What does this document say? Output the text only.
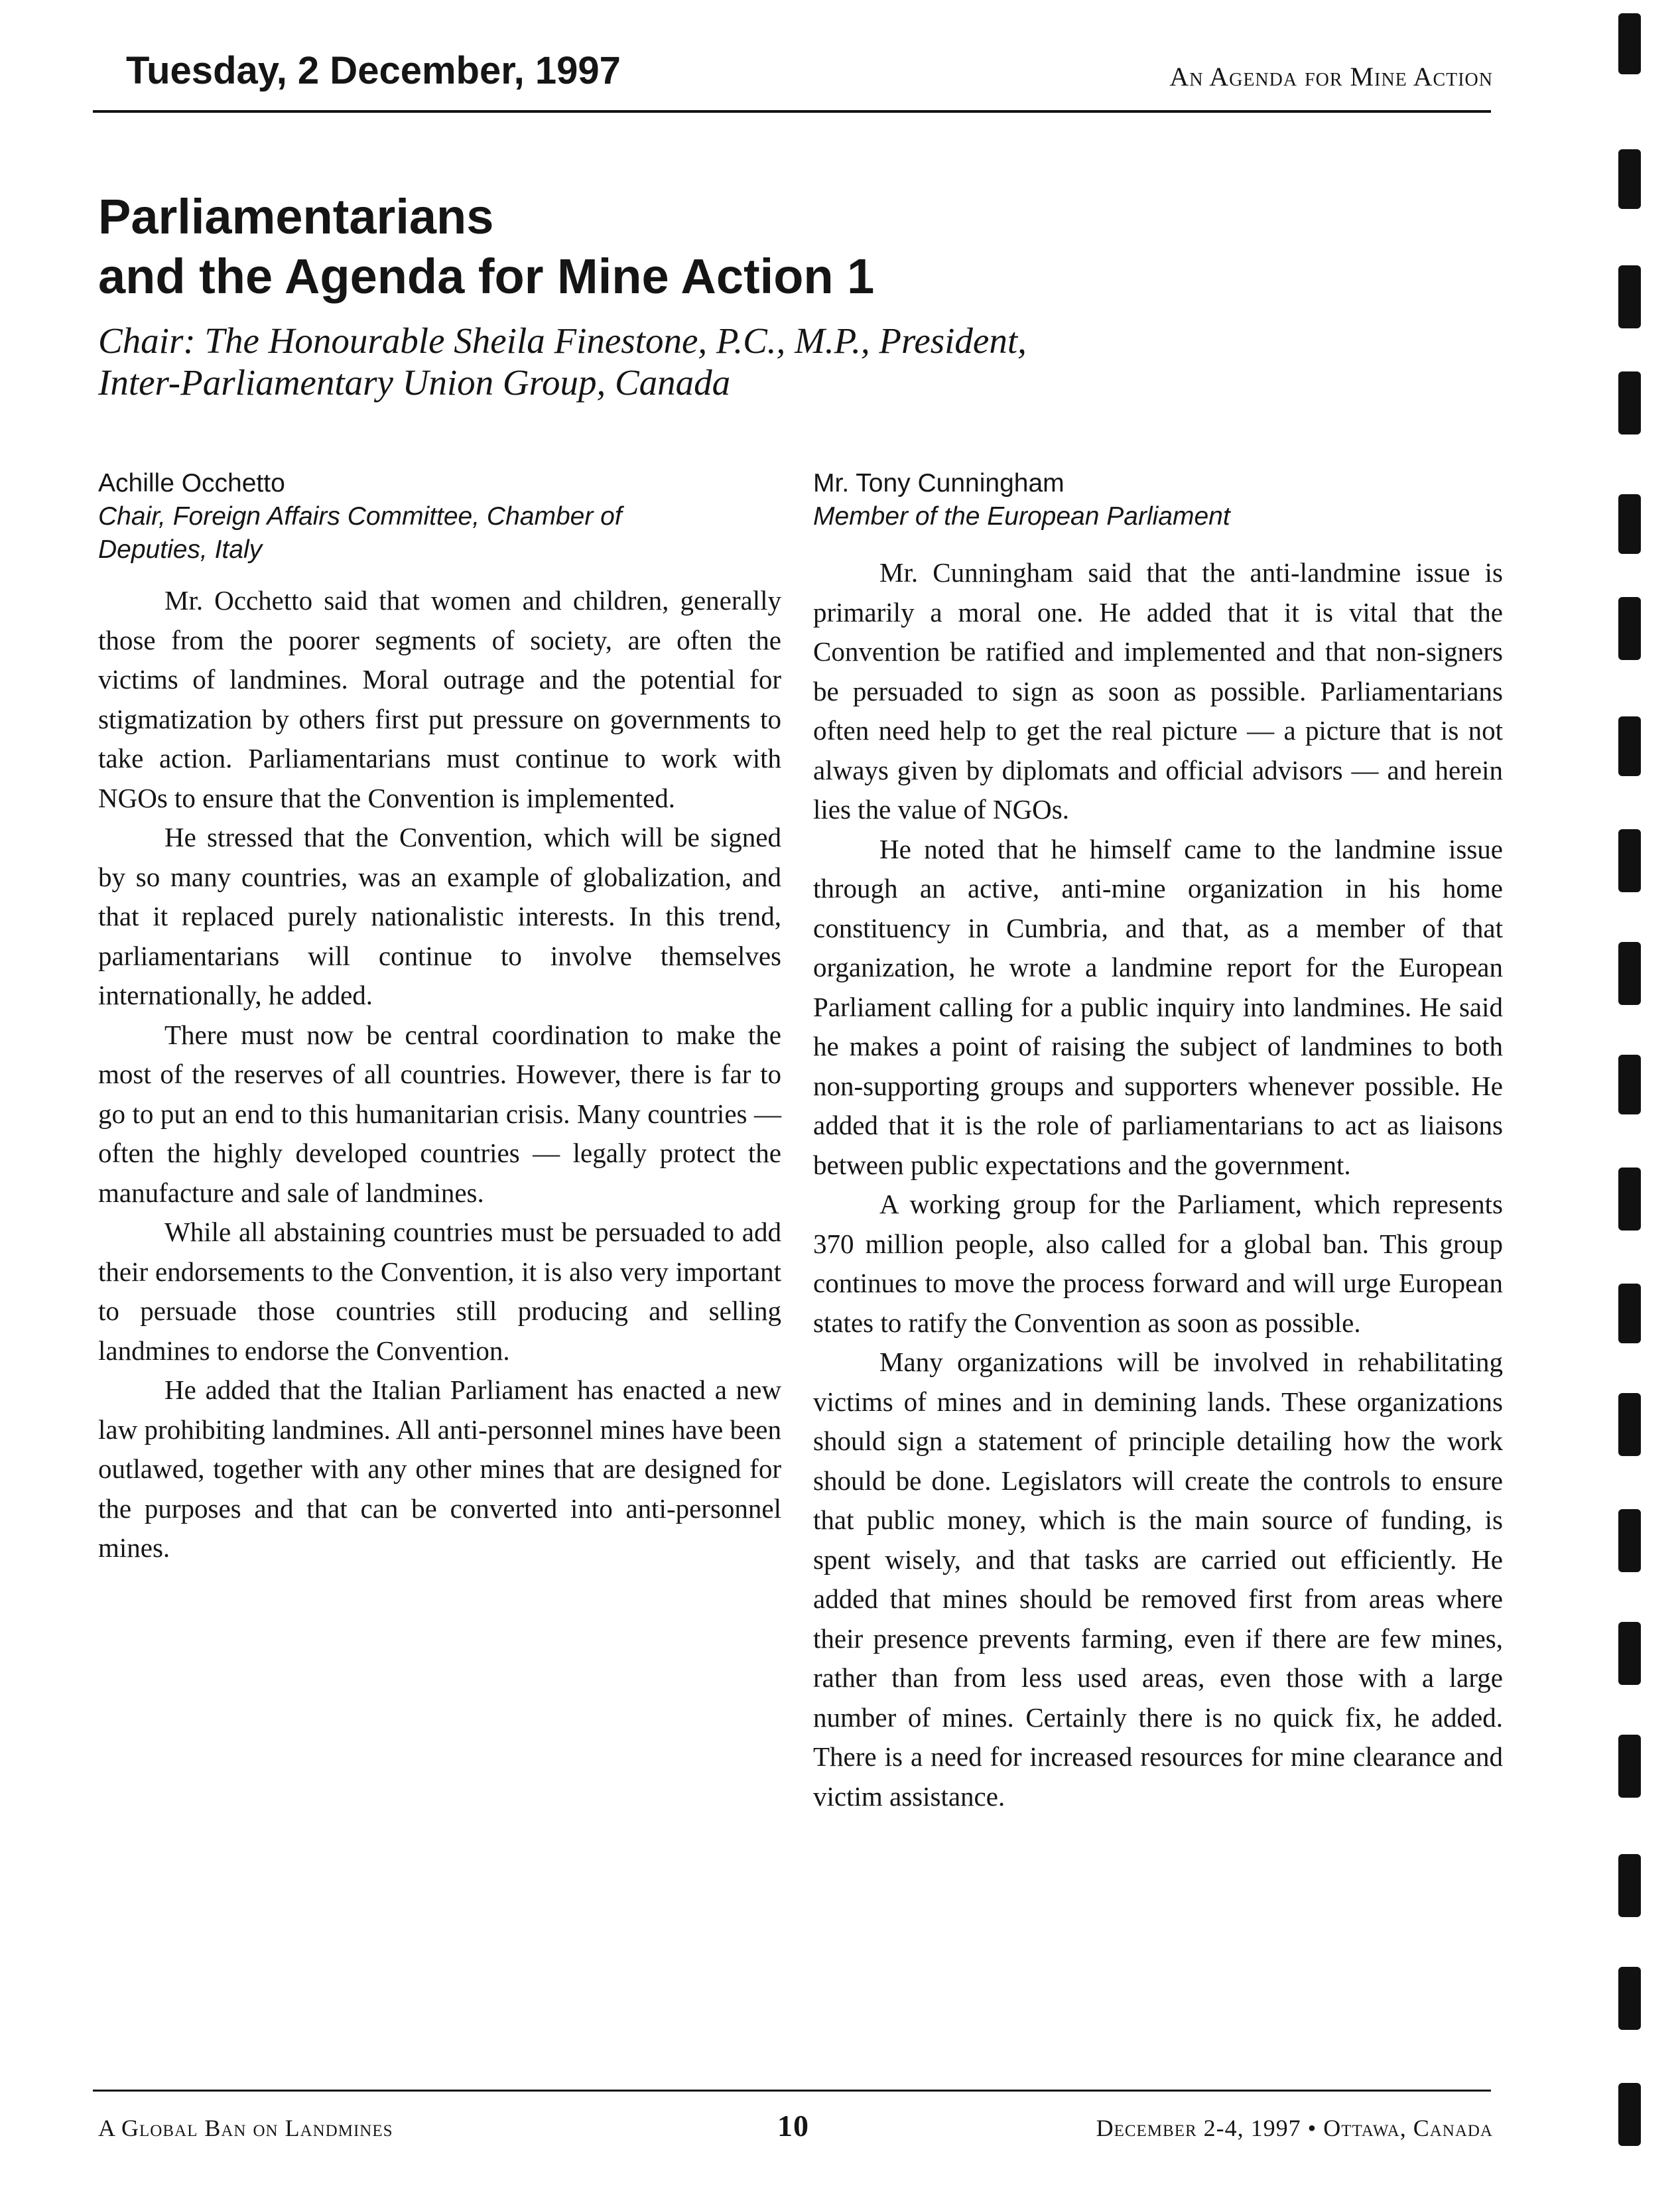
Tuesday, 2 December, 1997	An Agenda for Mine Action
Parliamentarians
and the Agenda for Mine Action 1
Chair: The Honourable Sheila Finestone, P.C., M.P., President,
Inter-Parliamentary Union Group, Canada
Achille Occhetto
Chair, Foreign Affairs Committee, Chamber of
Deputies, Italy

Mr. Occhetto said that women and children, generally those from the poorer segments of society, are often the victims of landmines. Moral outrage and the potential for stigmatization by others first put pressure on governments to take action. Parliamentarians must continue to work with NGOs to ensure that the Convention is implemented.

He stressed that the Convention, which will be signed by so many countries, was an example of globalization, and that it replaced purely nationalistic interests. In this trend, parliamentarians will continue to involve themselves internationally, he added.

There must now be central coordination to make the most of the reserves of all countries. However, there is far to go to put an end to this humanitarian crisis. Many countries — often the highly developed countries — legally protect the manufacture and sale of landmines.

While all abstaining countries must be persuaded to add their endorsements to the Convention, it is also very important to persuade those countries still producing and selling landmines to endorse the Convention.

He added that the Italian Parliament has enacted a new law prohibiting landmines. All anti-personnel mines have been outlawed, together with any other mines that are designed for the purposes and that can be converted into anti-personnel mines.

Mr. Tony Cunningham
Member of the European Parliament

Mr. Cunningham said that the anti-landmine issue is primarily a moral one. He added that it is vital that the Convention be ratified and implemented and that non-signers be persuaded to sign as soon as possible. Parliamentarians often need help to get the real picture — a picture that is not always given by diplomats and official advisors — and herein lies the value of NGOs.

He noted that he himself came to the landmine issue through an active, anti-mine organization in his home constituency in Cumbria, and that, as a member of that organization, he wrote a landmine report for the European Parliament calling for a public inquiry into landmines. He said he makes a point of raising the subject of landmines to both non-supporting groups and supporters whenever possible. He added that it is the role of parliamentarians to act as liaisons between public expectations and the government.

A working group for the Parliament, which represents 370 million people, also called for a global ban. This group continues to move the process forward and will urge European states to ratify the Convention as soon as possible.

Many organizations will be involved in rehabilitating victims of mines and in demining lands. These organizations should sign a statement of principle detailing how the work should be done. Legislators will create the controls to ensure that public money, which is the main source of funding, is spent wisely, and that tasks are carried out efficiently. He added that mines should be removed first from areas where their presence prevents farming, even if there are few mines, rather than from less used areas, even those with a large number of mines. Certainly there is no quick fix, he added. There is a need for increased resources for mine clearance and victim assistance.

A Global Ban on Landmines	10	December 2-4, 1997 • Ottawa, Canada
